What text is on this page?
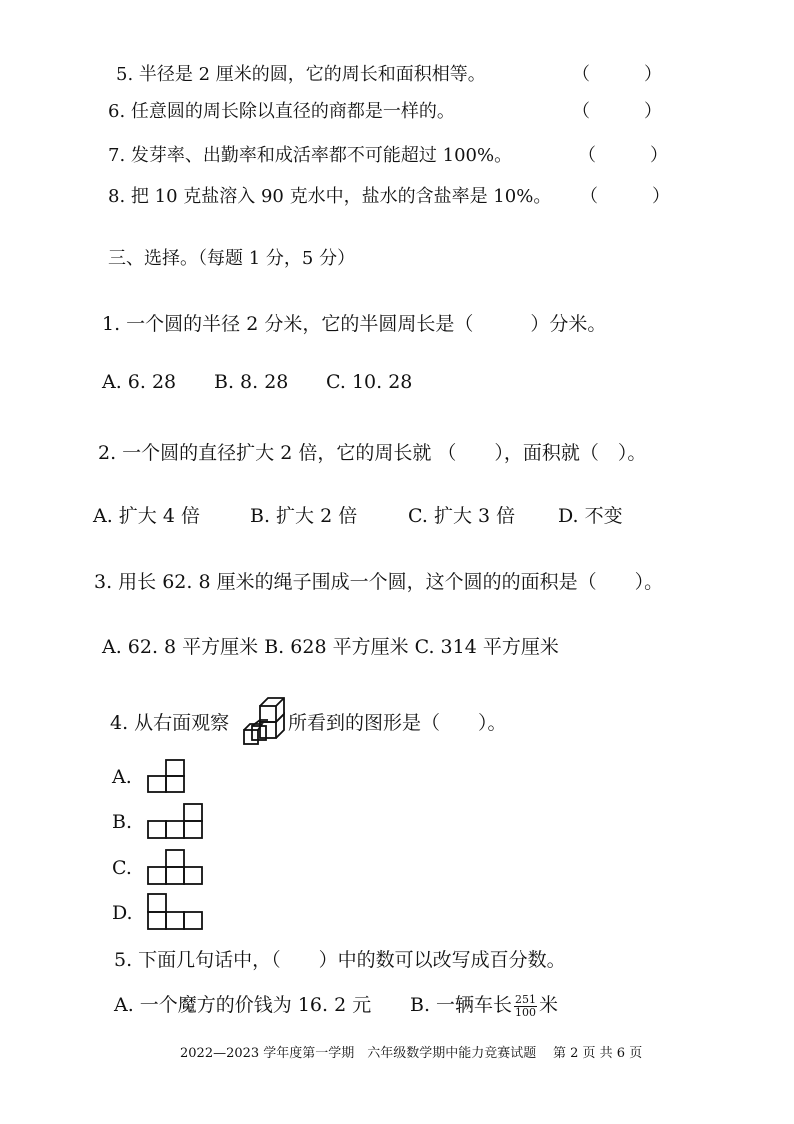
5. 半径是 2 厘米的圆，它的周长和面积相等。	（　　　）
6. 任意圆的周长除以直径的商都是一样的。	（　　　）
7. 发芽率、出勤率和成活率都不可能超过 100%。	（　　　）
8. 把 10 克盐溶入 90 克水中，盐水的含盐率是 10%。 （　　　）
三、选择。（每题 1 分，5 分）
1. 一个圆的半径 2 分米，它的半圆周长是（　　　）分米。
A. 6. 28 B. 8. 28 C. 10. 28
2. 一个圆的直径扩大 2 倍，它的周长就 （　　），面积就（　）。
A. 扩大 4 倍	B. 扩大 2 倍	C. 扩大 3 倍 D. 不变
3. 用长 62. 8 厘米的绳子围成一个圆，这个圆的的面积是（　　）。
A. 62. 8 平方厘米 B. 628 平方厘米 C. 314 平方厘米
4. 从右面观察	所看到的图形是（　　）。
A.
B.
C.
D.
5. 下面几句话中，（　　）中的数可以改写成百分数。
A. 一个魔方的价钱为 16. 2 元 B. 一辆车长 $\frac{251}{100}$ 米
2022—2023 学年度第一学期　六年级数学期中能力竞赛试题 第 2 页 共 6 页
